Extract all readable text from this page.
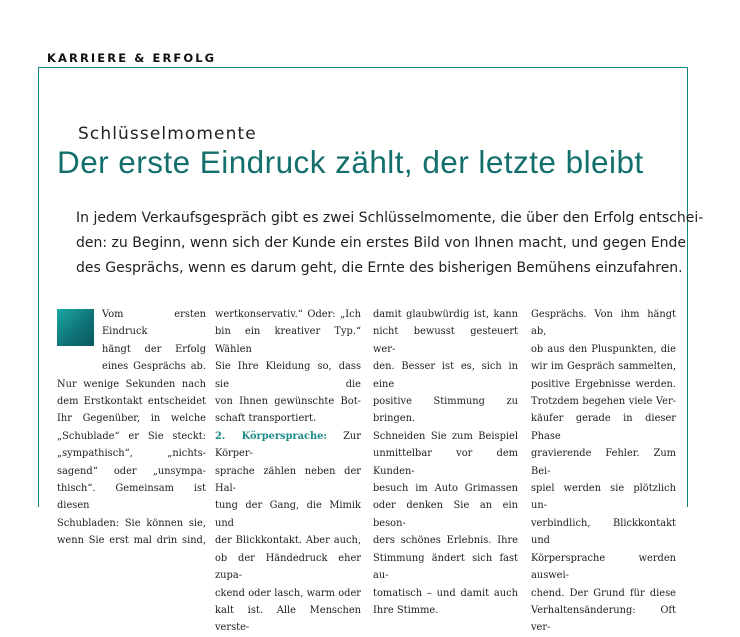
KARRIERE & ERFOLG
Schlüsselmomente
Der erste Eindruck zählt, der letzte bleibt
In jedem Verkaufsgespräch gibt es zwei Schlüsselmomente, die über den Erfolg entschei-
den: zu Beginn, wenn sich der Kunde ein erstes Bild von Ihnen macht, und gegen Ende
des Gesprächs, wenn es darum geht, die Ernte des bisherigen Bemühens einzufahren.
Vom ersten Eindruck
hängt der Erfolg
eines Gesprächs ab.
Nur wenige Sekunden nach
dem Erstkontakt entscheidet
Ihr Gegenüber, in welche
„Schublade“ er Sie steckt:
„sympathisch“, „nichts-
sagend“ oder „unsympa-
thisch“. Gemeinsam ist diesen
Schubladen: Sie können sie,
wenn Sie erst mal drin sind,
wertkonservativ.“ Oder: „Ich
bin ein kreativer Typ.“ Wählen
Sie Ihre Kleidung so, dass sie die
von Ihnen gewünschte Bot-
schaft transportiert.
2. Körpersprache: Zur Körper-
sprache zählen neben der Hal-
tung der Gang, die Mimik und
der Blickkontakt. Aber auch,
ob der Händedruck eher zupa-
ckend oder lasch, warm oder
kalt ist. Alle Menschen verste-
damit glaubwürdig ist, kann
nicht bewusst gesteuert wer-
den. Besser ist es, sich in eine
positive Stimmung zu bringen.
Schneiden Sie zum Beispiel
unmittelbar vor dem Kunden-
besuch im Auto Grimassen
oder denken Sie an ein beson-
ders schönes Erlebnis. Ihre
Stimmung ändert sich fast au-
tomatisch – und damit auch
Ihre Stimme.
Gesprächs. Von ihm hängt ab,
ob aus den Pluspunkten, die
wir im Gespräch sammelten,
positive Ergebnisse werden.
Trotzdem begehen viele Ver-
käufer gerade in dieser Phase
gravierende Fehler. Zum Bei-
spiel werden sie plötzlich un-
verbindlich, Blickkontakt und
Körpersprache werden auswei-
chend. Der Grund für diese
Verhaltensänderung: Oft ver-
